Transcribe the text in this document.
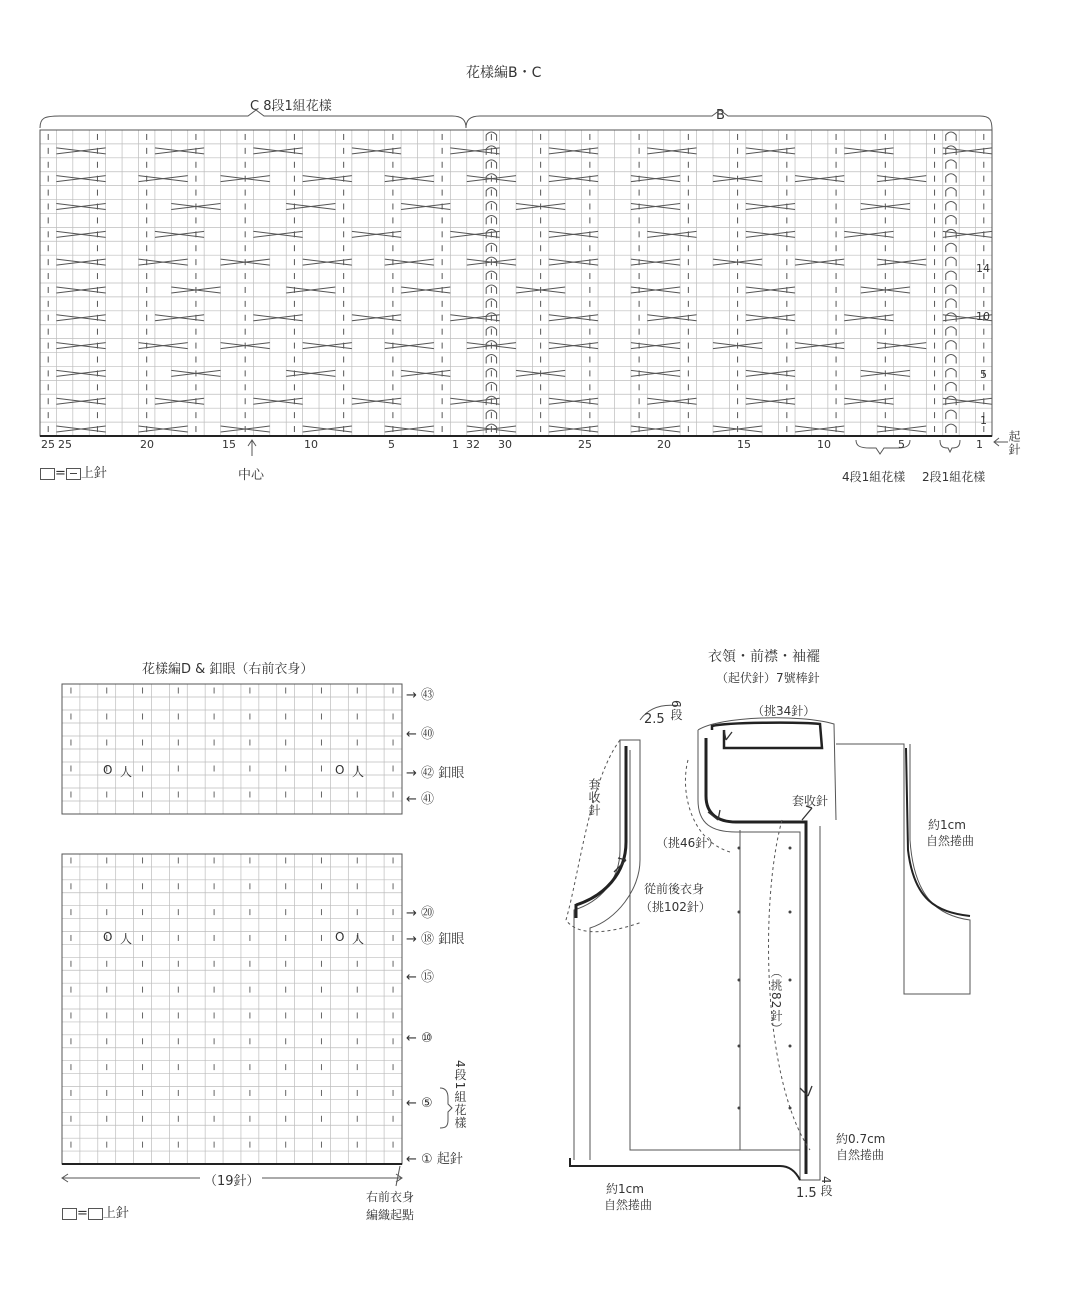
花樣編B・C
C 8段1組花樣
B
25 25	20	15	10	5	1 32 30	25	20	15	10	5	1
14
10
5
1
= 上針	中心
起針
4段1組花樣 2段1組花樣
花樣編D & 釦眼（右前衣身）
→ ㊸
← ㊵
→ ㊷ 釦眼
← ㊶
→ ⑳
→ ⑱ 釦眼
← ⑮
← ⑩
← ⑤
← ① 起針
4段1組花樣
O 人	O 人
O 人	O 人
（19針）
右前衣身
編織起點
= 上針
衣領・前襟・袖襬
（起伏針）7號棒針
2.5 6段	（挑34針）
套收針	套收針
（挑46針）
從前後衣身
（挑102針）
（挑82針）
約1cm
自然捲曲
約0.7cm
自然捲曲
約1cm
自然捲曲
1.5 4段
